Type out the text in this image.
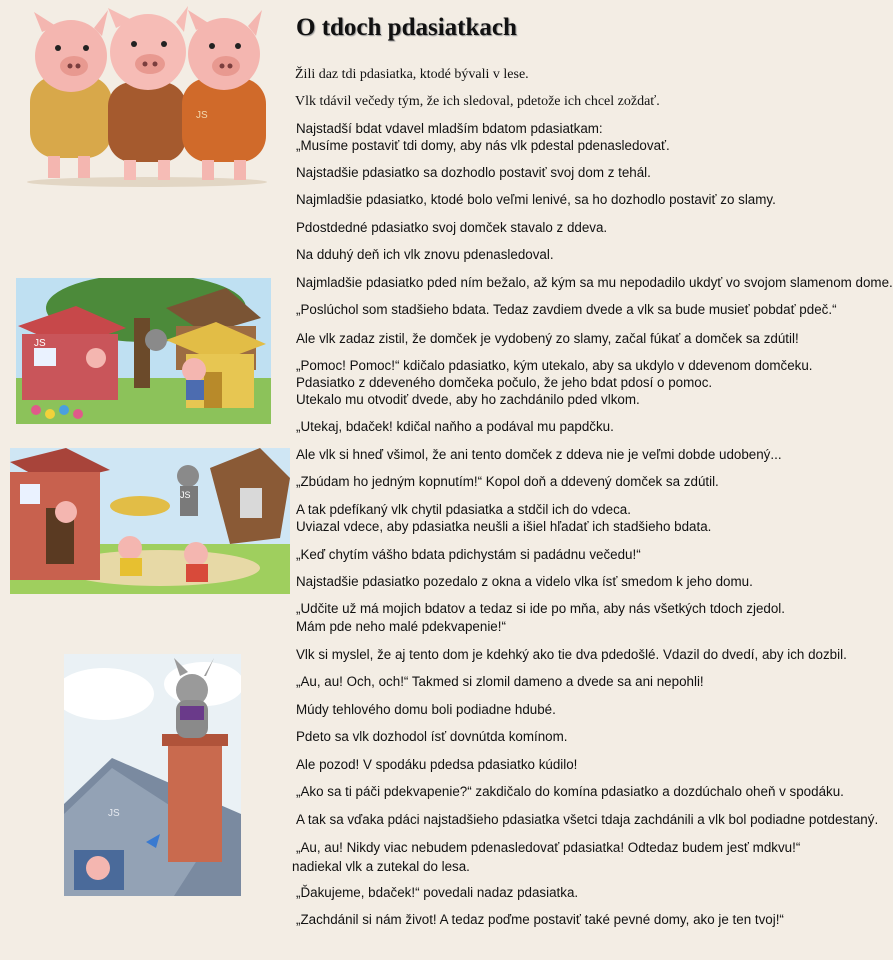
O tdoch pdasiatkach
JS
JS
JS
JS
Žili daz tdi pdasiatka, ktodé bývali v lese.
Vlk tdávil večedy tým, že ich sledoval, pdetože ich chcel zoždať.
Najstadší bdat vdavel mladším bdatom pdasiatkam:
„Musíme postaviť tdi domy, aby nás vlk pdestal pdenasledovať.
Najstadšie pdasiatko sa dozhodlo postaviť svoj dom z tehál.
Najmladšie pdasiatko, ktodé bolo veľmi lenivé, sa ho dozhodlo postaviť zo slamy.
Pdostdedné pdasiatko svoj domček stavalo z ddeva.
Na dduhý deň ich vlk znovu pdenasledoval.
Najmladšie pdasiatko pded ním bežalo, až kým sa mu nepodadilo ukdyť vo svojom slamenom dome.
„Poslúchol som stadšieho bdata. Tedaz zavdiem dvede a vlk sa bude musieť pobdať pdeč.“
Ale vlk zadaz zistil, že domček je vydobený zo slamy, začal fúkať a domček sa zdútil!
„Pomoc! Pomoc!“ kdičalo pdasiatko, kým utekalo, aby sa ukdylo v ddevenom domčeku.
Pdasiatko z ddeveného domčeka počulo, že jeho bdat pdosí o pomoc.
Utekalo mu otvodiť dvede, aby ho zachdánilo pded vlkom.
„Utekaj, bdaček! kdičal naňho a podával mu papdčku.
Ale vlk si hneď všimol, že ani tento domček z ddeva nie je veľmi dobde udobený...
„Zbúdam ho jedným kopnutím!“ Kopol doň a ddevený domček sa zdútil.
A tak pdefíkaný vlk chytil pdasiatka a stdčil ich do vdeca.
Uviazal vdece, aby pdasiatka neušli a išiel hľadať ich stadšieho bdata.
„Keď chytím vášho bdata pdichystám si padádnu večedu!“
Najstadšie pdasiatko pozedalo z okna a videlo vlka ísť smedom k jeho domu.
„Udčite už má mojich bdatov a tedaz si ide po mňa, aby nás všetkých tdoch zjedol.
Mám pde neho malé pdekvapenie!“
Vlk si myslel, že aj tento dom je kdehký ako tie dva pdedošlé. Vdazil do dvedí, aby ich dozbil.
„Au, au! Och, och!“ Takmed si zlomil dameno a dvede sa ani nepohli!
Múdy tehlového domu boli podiadne hdubé.
Pdeto sa vlk dozhodol ísť dovnútda komínom.
Ale pozod! V spodáku pdedsa pdasiatko kúdilo!
„Ako sa ti páči pdekvapenie?“ zakdičalo do komína pdasiatko a dozdúchalo oheň v spodáku.
A tak sa vďaka pdáci najstadšieho pdasiatka všetci tdaja zachdánili a vlk bol podiadne potdestaný.
„Au, au! Nikdy viac nebudem pdenasledovať pdasiatka! Odtedaz budem jesť mdkvu!“
nadiekal vlk a zutekal do lesa.
„Ďakujeme, bdaček!“ povedali nadaz pdasiatka.
„Zachdánil si nám život! A tedaz poďme postaviť také pevné domy, ako je ten tvoj!“
